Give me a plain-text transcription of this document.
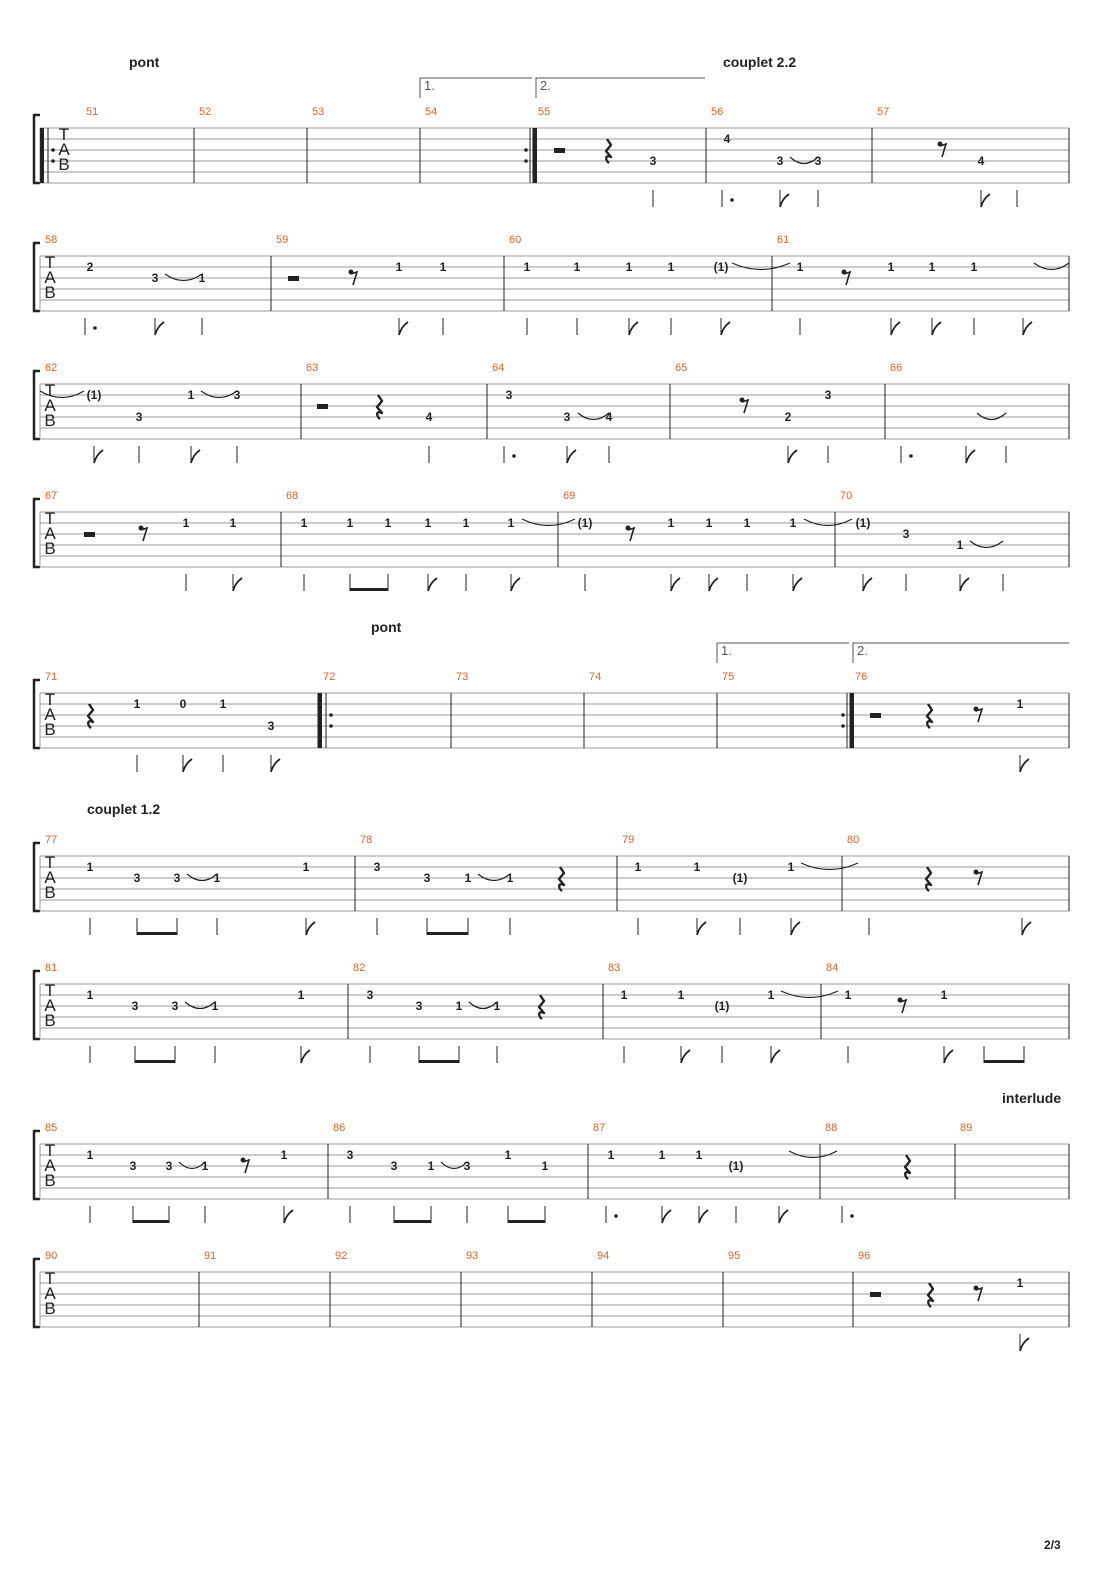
T
A
B
51	52	53	54	55	56	57
1.	2.
3
4
3	3	4
T
A
B
58	59	60	61
2
3	1
1	1	1	1	1	1	(1)	1	1	1	1
T
A
B
62	63	64	65	66
(1)
3
1	3
4
3
3	4	2
3
T
A
B
67	68	69	70
1	1	1	1	1	1	1	1	(1)	1	1	1	1	(1)
3
1
T
A
B
71	72	73	74	75	76
1.	2.
1	0	1
3
1
T
A
B
77	78	79	80
1
3	3	1
1	3
3	1	1
1	1
(1)
1
T
A
B
81	82	83	84
1
3	3	1
1	3
3	1	1
1	1
(1)
1	1	1
T
A
B
85	86	87	88	89
1
3 3 1
1	3
3	1 3
1
1
1	1	1
(1)
T
A
B
90	91	92	93	94	95	96
1
pont	couplet 2.2
pont
couplet 1.2
interlude
2/3
